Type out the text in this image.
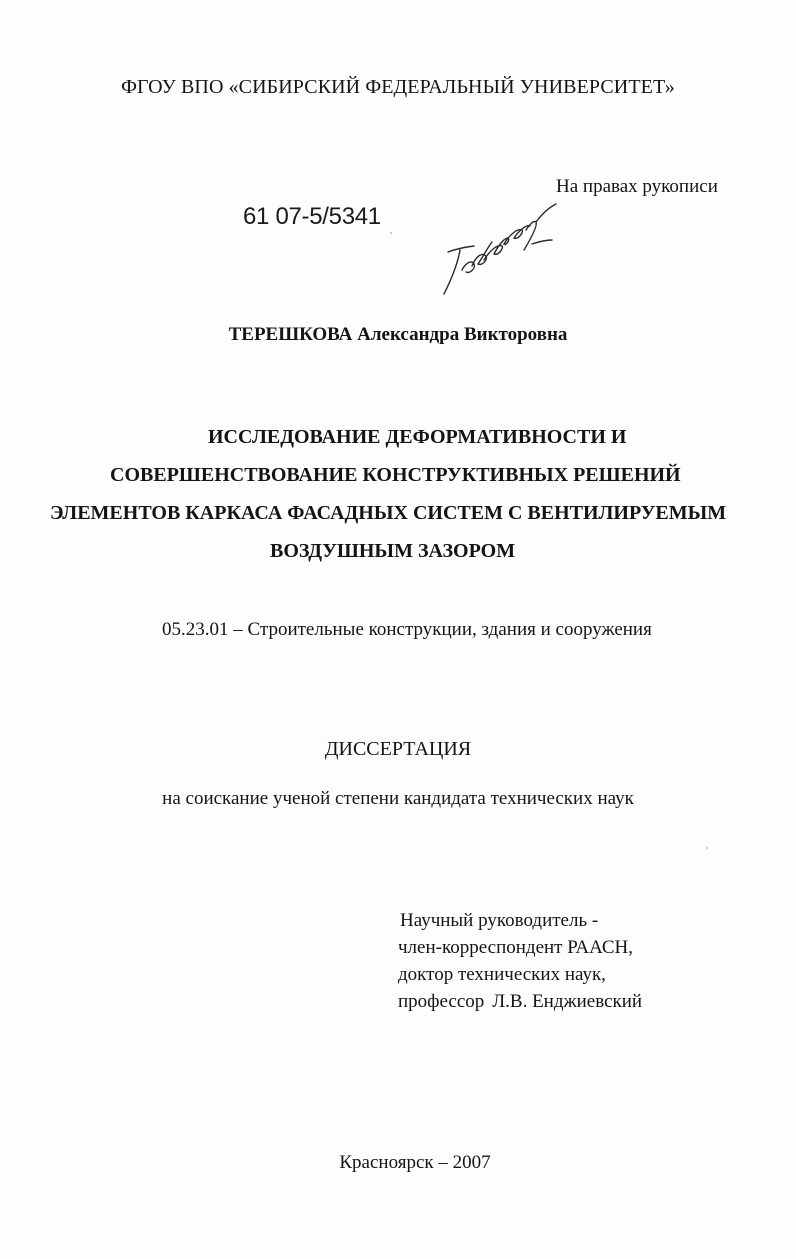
ФГОУ ВПО «СИБИРСКИЙ ФЕДЕРАЛЬНЫЙ УНИВЕРСИТЕТ»
На правах рукописи
61 07-5/5341
ТЕРЕШКОВА Александра Викторовна
ИССЛЕДОВАНИЕ ДЕФОРМАТИВНОСТИ И
СОВЕРШЕНСТВОВАНИЕ КОНСТРУКТИВНЫХ РЕШЕНИЙ
ЭЛЕМЕНТОВ КАРКАСА ФАСАДНЫХ СИСТЕМ С ВЕНТИЛИРУЕМЫМ
ВОЗДУШНЫМ ЗАЗОРОМ
05.23.01 – Строительные конструкции, здания и сооружения
ДИССЕРТАЦИЯ
на соискание ученой степени кандидата технических наук
Научный руководитель -
член-корреспондент РААСН,
доктор технических наук,
профессор Л.В. Енджиевский
Красноярск – 2007
